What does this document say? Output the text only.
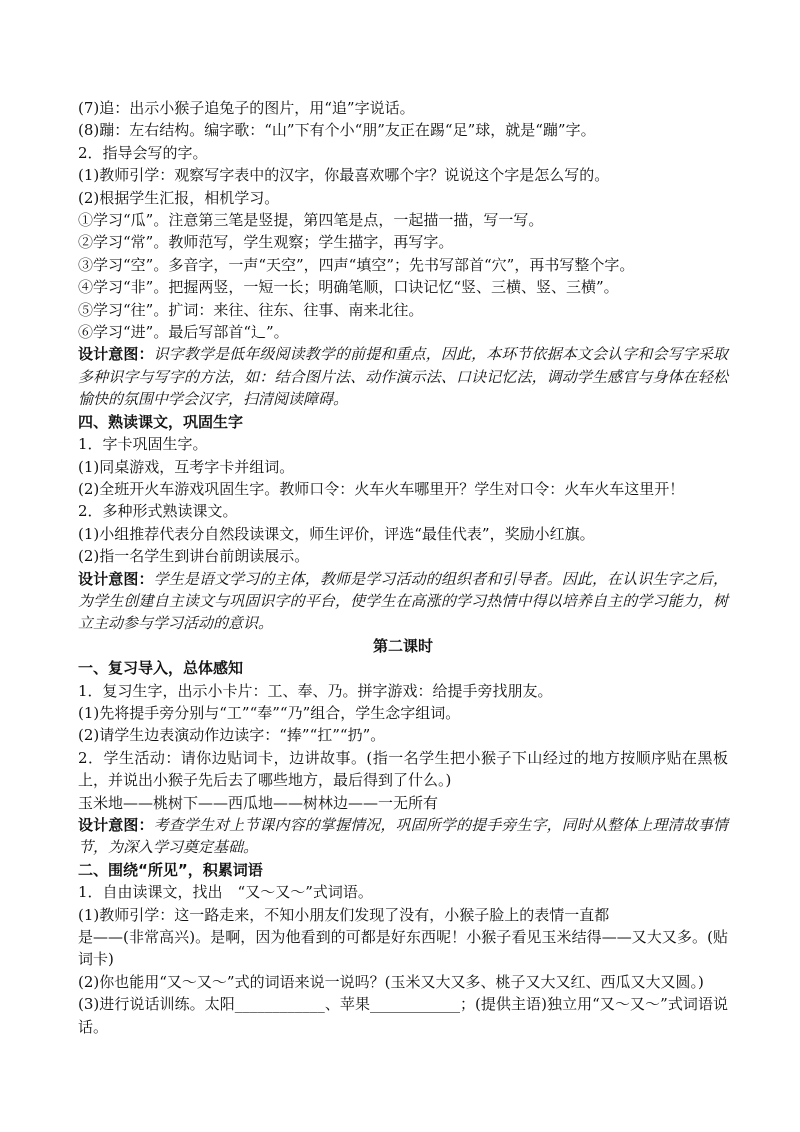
(7)追：出示小猴子追兔子的图片，用“追”字说话。
(8)蹦：左右结构。编字歌：“山”下有个小“朋”友正在踢“足”球，就是“蹦”字。
2．指导会写的字。
(1)教师引学：观察写字表中的汉字，你最喜欢哪个字？说说这个字是怎么写的。
(2)根据学生汇报，相机学习。
①学习“瓜”。注意第三笔是竖提，第四笔是点，一起描一描，写一写。
②学习“常”。教师范写，学生观察；学生描字，再写字。
③学习“空”。多音字，一声“天空”，四声“填空”；先书写部首“穴”，再书写整个字。
④学习“非”。把握两竖，一短一长；明确笔顺，口诀记忆“竖、三横、竖、三横”。
⑤学习“往”。扩词：来往、往东、往事、南来北往。
⑥学习“进”。最后写部首“辶”。
设计意图：识字教学是低年级阅读教学的前提和重点，因此，本环节依据本文会认字和会写字采取多种识字与写字的方法，如：结合图片法、动作演示法、口诀记忆法，调动学生感官与身体在轻松愉快的氛围中学会汉字，扫清阅读障碍。
四、熟读课文，巩固生字
1．字卡巩固生字。
(1)同桌游戏，互考字卡并组词。
(2)全班开火车游戏巩固生字。教师口令：火车火车哪里开？学生对口令：火车火车这里开！
2．多种形式熟读课文。
(1)小组推荐代表分自然段读课文，师生评价，评选“最佳代表”，奖励小红旗。
(2)指一名学生到讲台前朗读展示。
设计意图：学生是语文学习的主体，教师是学习活动的组织者和引导者。因此，在认识生字之后，为学生创建自主读文与巩固识字的平台，使学生在高涨的学习热情中得以培养自主的学习能力，树立主动参与学习活动的意识。
第二课时
一、复习导入，总体感知
1．复习生字，出示小卡片：工、奉、乃。拼字游戏：给提手旁找朋友。
(1)先将提手旁分别与“工”“奉”“乃”组合，学生念字组词。
(2)请学生边表演动作边读字：“捧”“扛”“扔”。
2．学生活动：请你边贴词卡，边讲故事。(指一名学生把小猴子下山经过的地方按顺序贴在黑板上，并说出小猴子先后去了哪些地方，最后得到了什么。)
玉米地——桃树下——西瓜地——树林边——一无所有
设计意图：考查学生对上节课内容的掌握情况，巩固所学的提手旁生字，同时从整体上理清故事情节，为深入学习奠定基础。
二、围绕“所见”，积累词语
1．自由读课文，找出　“又～又～”式词语。
(1)教师引学：这一路走来，不知小朋友们发现了没有，小猴子脸上的表情一直都
是——(非常高兴)。是啊，因为他看到的可都是好东西呢！小猴子看见玉米结得——又大又多。(贴词卡)
(2)你也能用“又～又～”式的词语来说一说吗？(玉米又大又多、桃子又大又红、西瓜又大又圆。)
(3)进行说话训练。太阳____________、苹果____________；(提供主语)独立用“又～又～”式词语说话。
